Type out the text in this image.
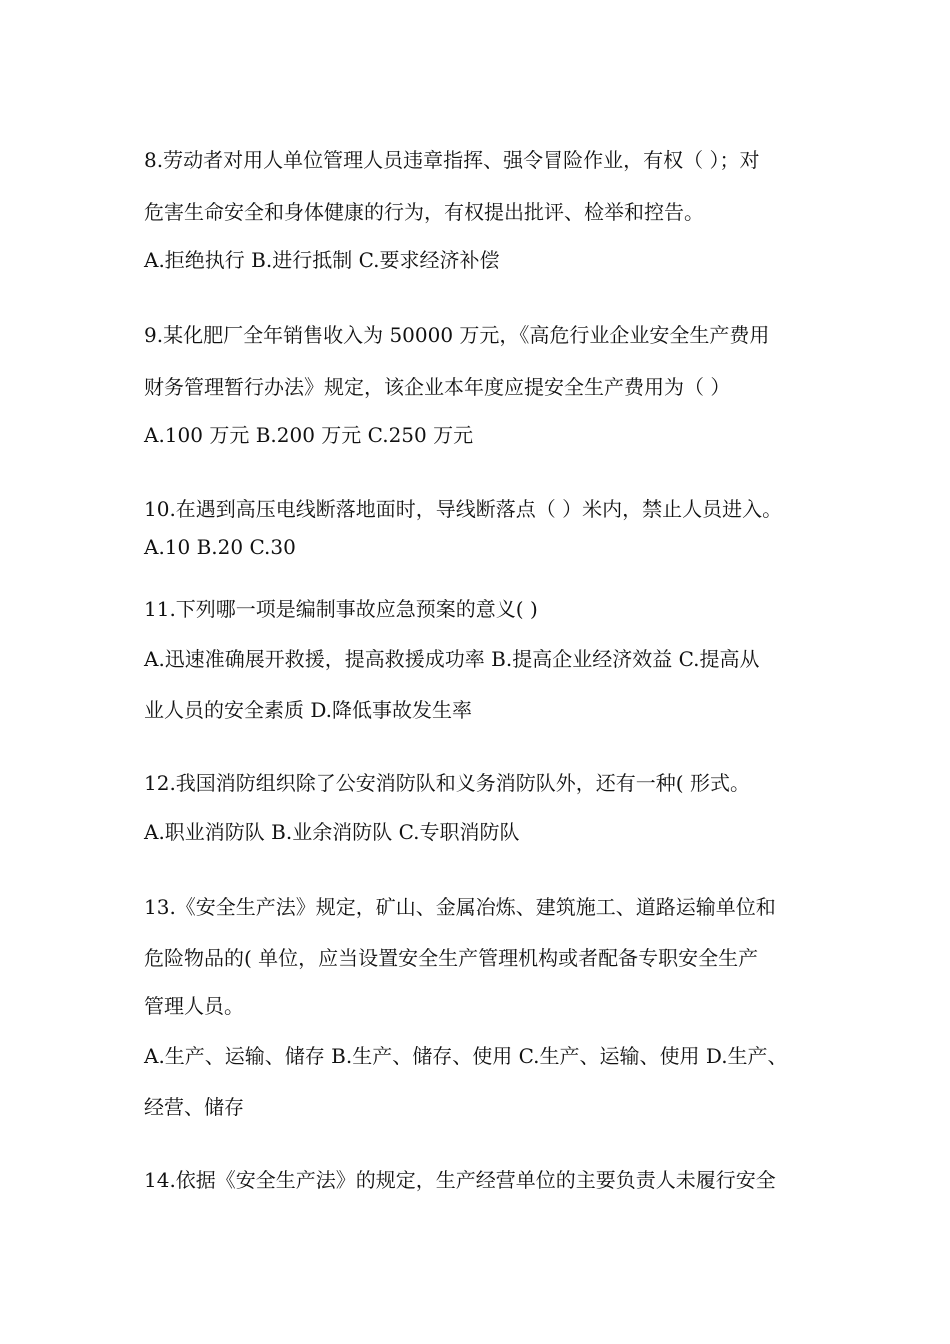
8.劳动者对用人单位管理人员违章指挥、强令冒险作业，有权（ ）；对
危害生命安全和身体健康的行为，有权提出批评、检举和控告。
A.拒绝执行 B.进行抵制 C.要求经济补偿
9.某化肥厂全年销售收入为 50000 万元，《高危行业企业安全生产费用
财务管理暂行办法》规定，该企业本年度应提安全生产费用为（ ）
A.100 万元 B.200 万元 C.250 万元
10.在遇到高压电线断落地面时，导线断落点（ ）米内，禁止人员进入。
A.10 B.20 C.30
11.下列哪一项是编制事故应急预案的意义( )
A.迅速准确展开救援，提高救援成功率 B.提高企业经济效益 C.提高从
业人员的安全素质 D.降低事故发生率
12.我国消防组织除了公安消防队和义务消防队外，还有一种( 形式。
A.职业消防队 B.业余消防队 C.专职消防队
13.《安全生产法》规定，矿山、金属冶炼、建筑施工、道路运输单位和
危险物品的( 单位，应当设置安全生产管理机构或者配备专职安全生产
管理人员。
A.生产、运输、储存 B.生产、储存、使用 C.生产、运输、使用 D.生产、
经营、储存
14.依据《安全生产法》的规定，生产经营单位的主要负责人未履行安全
